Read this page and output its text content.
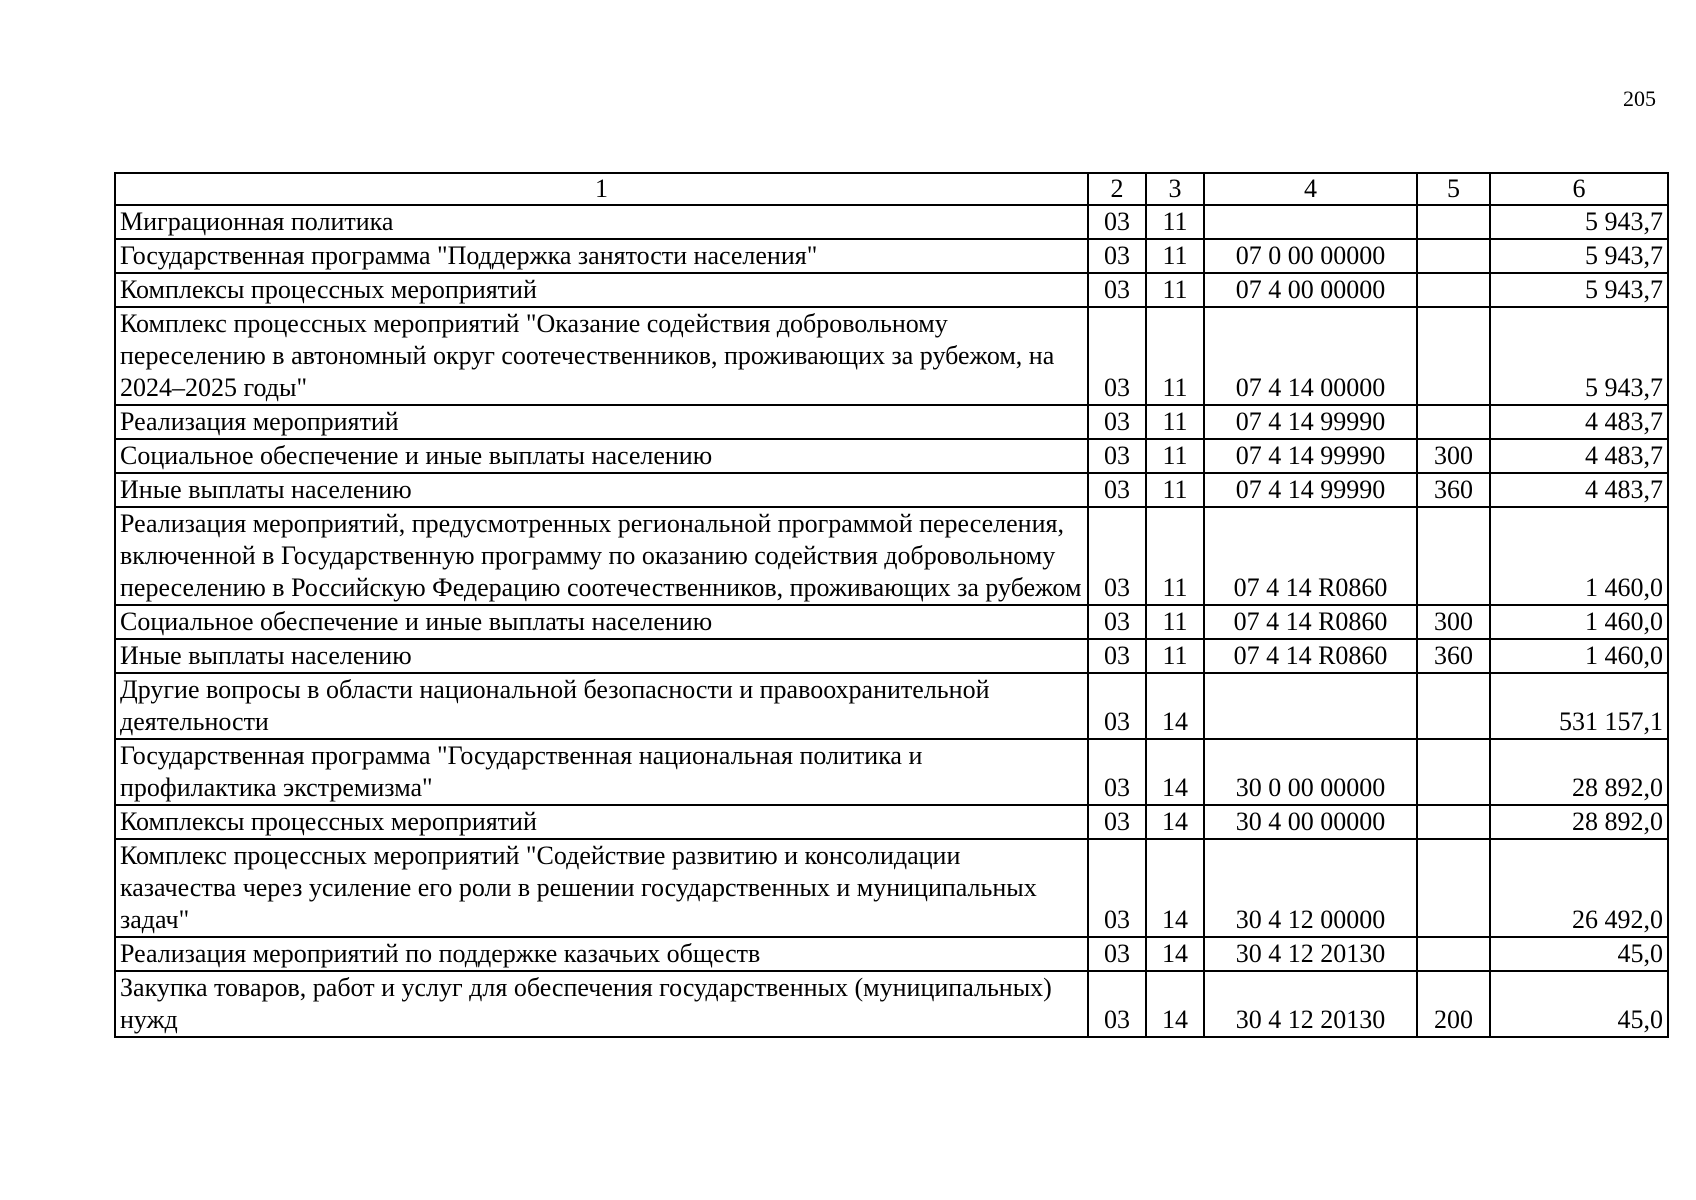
205
1	2	3	4	5	6
Миграционная политика	03	11			5 943,7
Государственная программа "Поддержка занятости населения"	03	11	07 0 00 00000		5 943,7
Комплексы процессных мероприятий	03	11	07 4 00 00000		5 943,7
Комплекс процессных мероприятий "Оказание содействия добровольному переселению в автономный округ соотечественников, проживающих за рубежом, на 2024–2025 годы"	03	11	07 4 14 00000		5 943,7
Реализация мероприятий	03	11	07 4 14 99990		4 483,7
Социальное обеспечение и иные выплаты населению	03	11	07 4 14 99990	300	4 483,7
Иные выплаты населению	03	11	07 4 14 99990	360	4 483,7
Реализация мероприятий, предусмотренных региональной программой переселения, включенной в Государственную программу по оказанию содействия добровольному переселению в Российскую Федерацию соотечественников, проживающих за рубежом	03	11	07 4 14 R0860		1 460,0
Социальное обеспечение и иные выплаты населению	03	11	07 4 14 R0860	300	1 460,0
Иные выплаты населению	03	11	07 4 14 R0860	360	1 460,0
Другие вопросы в области национальной безопасности и правоохранительной деятельности	03	14			531 157,1
Государственная программа "Государственная национальная политика и профилактика экстремизма"	03	14	30 0 00 00000		28 892,0
Комплексы процессных мероприятий	03	14	30 4 00 00000		28 892,0
Комплекс процессных мероприятий "Содействие развитию и консолидации казачества через усиление его роли в решении государственных и муниципальных задач"	03	14	30 4 12 00000		26 492,0
Реализация мероприятий по поддержке казачьих обществ	03	14	30 4 12 20130		45,0
Закупка товаров, работ и услуг для обеспечения государственных (муниципальных) нужд	03	14	30 4 12 20130	200	45,0
